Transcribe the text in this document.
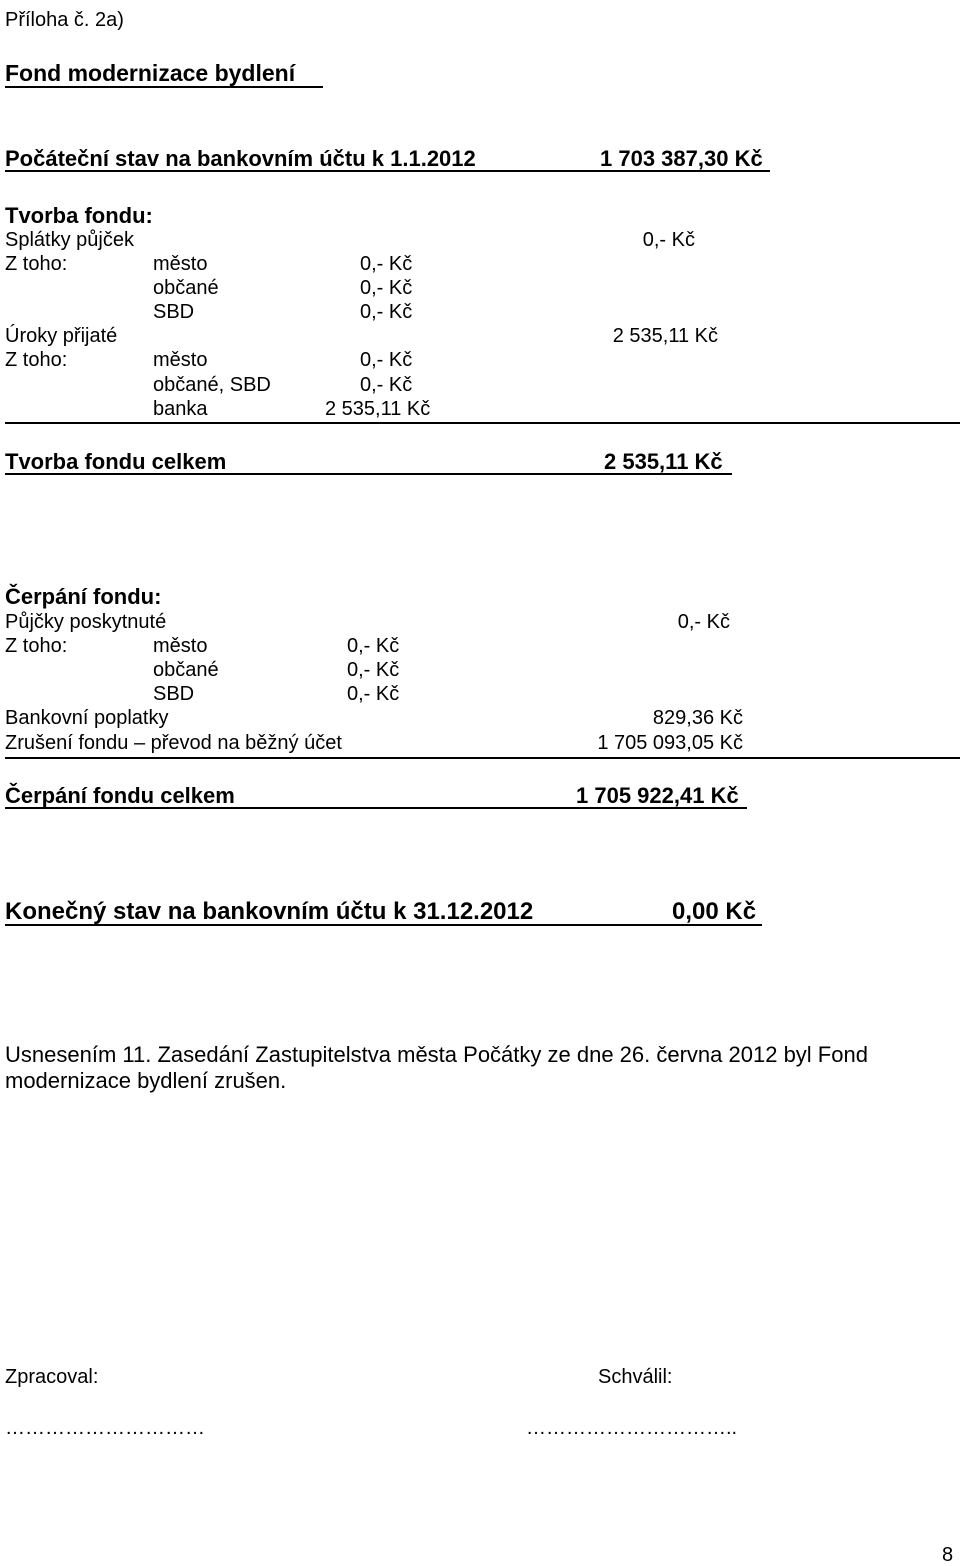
Příloha č. 2a)
Fond modernizace bydlení
Počáteční stav na bankovním účtu k 1.1.2012	1 703 387,30 Kč
Tvorba fondu:
Splátky půjček	0,- Kč
Z toho:	město	0,- Kč
občané	0,- Kč
SBD	0,- Kč
Úroky přijaté	2 535,11 Kč
Z toho:	město	0,- Kč
občané, SBD	0,- Kč
banka	2 535,11 Kč
Tvorba fondu celkem	2 535,11 Kč
Čerpání fondu:
Půjčky poskytnuté	0,- Kč
Z toho:	město	0,- Kč
občané	0,- Kč
SBD	0,- Kč
Bankovní poplatky	829,36 Kč
Zrušení fondu – převod na běžný účet	1 705 093,05 Kč
Čerpání fondu celkem	1 705 922,41 Kč
Konečný stav na bankovním účtu k 31.12.2012	0,00 Kč
Usnesením 11. Zasedání Zastupitelstva města Počátky ze dne 26. června 2012 byl Fond
modernizace bydlení zrušen.
Zpracoval:	Schválil:
…………………………	…………………………..
8
